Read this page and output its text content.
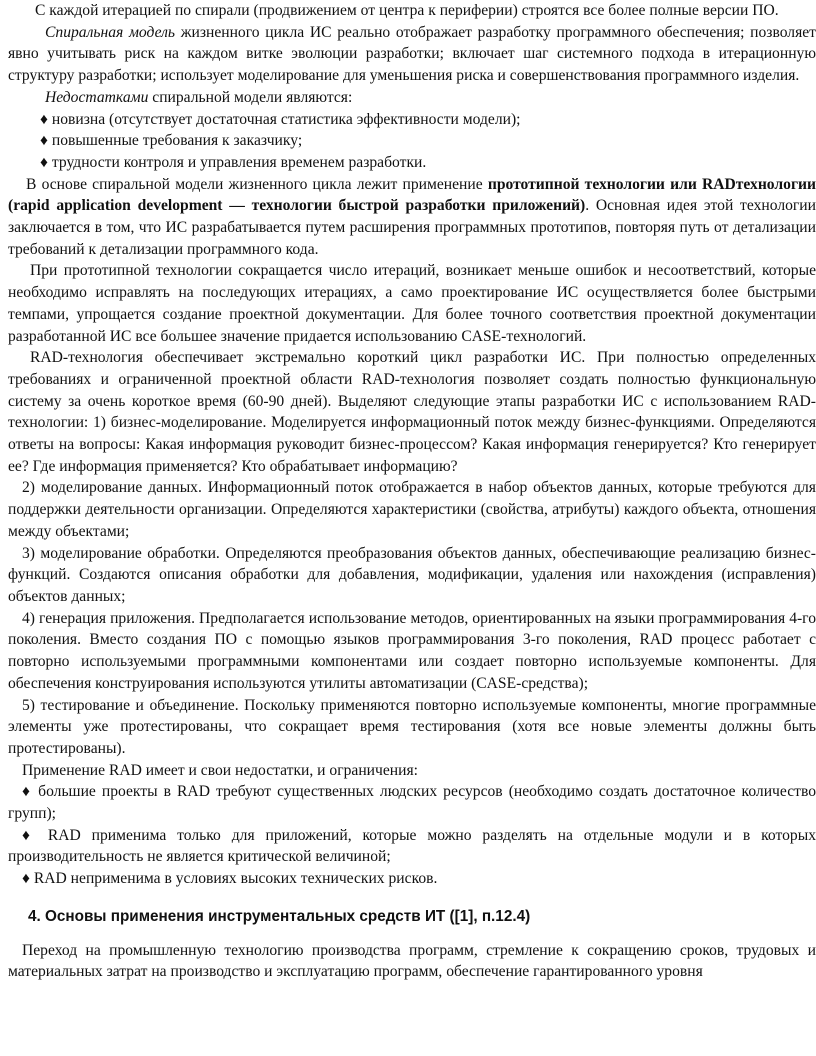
С каждой итерацией по спирали (продвижением от центра к периферии) строятся все более полные версии ПО.

Спиральная модель жизненного цикла ИС реально отображает разработку программного обеспечения; позволяет явно учитывать риск на каждом витке эволюции разработки; включает шаг системного подхода в итерационную структуру разработки; использует моделирование для уменьшения риска и совершенствования программного изделия.

Недостатками спиральной модели являются:

♦ новизна (отсутствует достаточная статистика эффективности модели);

♦ повышенные требования к заказчику;

♦ трудности контроля и управления временем разработки.

В основе спиральной модели жизненного цикла лежит применение прототипной технологии или RADтехнологии (rapid application development — технологии быстрой разработки приложений). Основная идея этой технологии заключается в том, что ИС разрабатывается путем расширения программных прототипов, повторяя путь от детализации требований к детализации программного кода.

При прототипной технологии сокращается число итераций, возникает меньше ошибок и несоответствий, которые необходимо исправлять на последующих итерациях, а само проектирование ИС осуществляется более быстрыми темпами, упрощается создание проектной документации. Для более точного соответствия проектной документации разработанной ИС все большее значение придается использованию CASE-технологий.

RAD-технология обеспечивает экстремально короткий цикл разработки ИС. При полностью определенных требованиях и ограниченной проектной области RAD-технология позволяет создать полностью функциональную систему за очень короткое время (60-90 дней). Выделяют следующие этапы разработки ИС с использованием RAD-технологии: 1) бизнес-моделирование. Моделируется информационный поток между бизнес-функциями. Определяются ответы на вопросы: Какая информация руководит бизнес-процессом? Какая информация генерируется? Кто генерирует ее? Где информация применяется? Кто обрабатывает информацию?

2) моделирование данных. Информационный поток отображается в набор объектов данных, которые требуются для поддержки деятельности организации. Определяются характеристики (свойства, атрибуты) каждого объекта, отношения между объектами;

3) моделирование обработки. Определяются преобразования объектов данных, обеспечивающие реализацию бизнес-функций. Создаются описания обработки для добавления, модификации, удаления или нахождения (исправления) объектов данных;

4) генерация приложения. Предполагается использование методов, ориентированных на языки программирования 4-го поколения. Вместо создания ПО с помощью языков программирования 3-го поколения, RAD процесс работает с повторно используемыми программными компонентами или создает повторно используемые компоненты. Для обеспечения конструирования используются утилиты автоматизации (CASE-средства);

5) тестирование и объединение. Поскольку применяются повторно используемые компоненты, многие программные элементы уже протестированы, что сокращает время тестирования (хотя все новые элементы должны быть протестированы).

Применение RAD имеет и свои недостатки, и ограничения:

♦ большие проекты в RAD требуют существенных людских ресурсов (необходимо создать достаточное количество групп);

♦ RAD применима только для приложений, которые можно разделять на отдельные модули и в которых производительность не является критической величиной;

♦ RAD неприменима в условиях высоких технических рисков.

4. Основы применения инструментальных средств ИТ ([1], п.12.4)

Переход на промышленную технологию производства программ, стремление к сокращению сроков, трудовых и материальных затрат на производство и эксплуатацию программ, обеспечение гарантированного уровня
